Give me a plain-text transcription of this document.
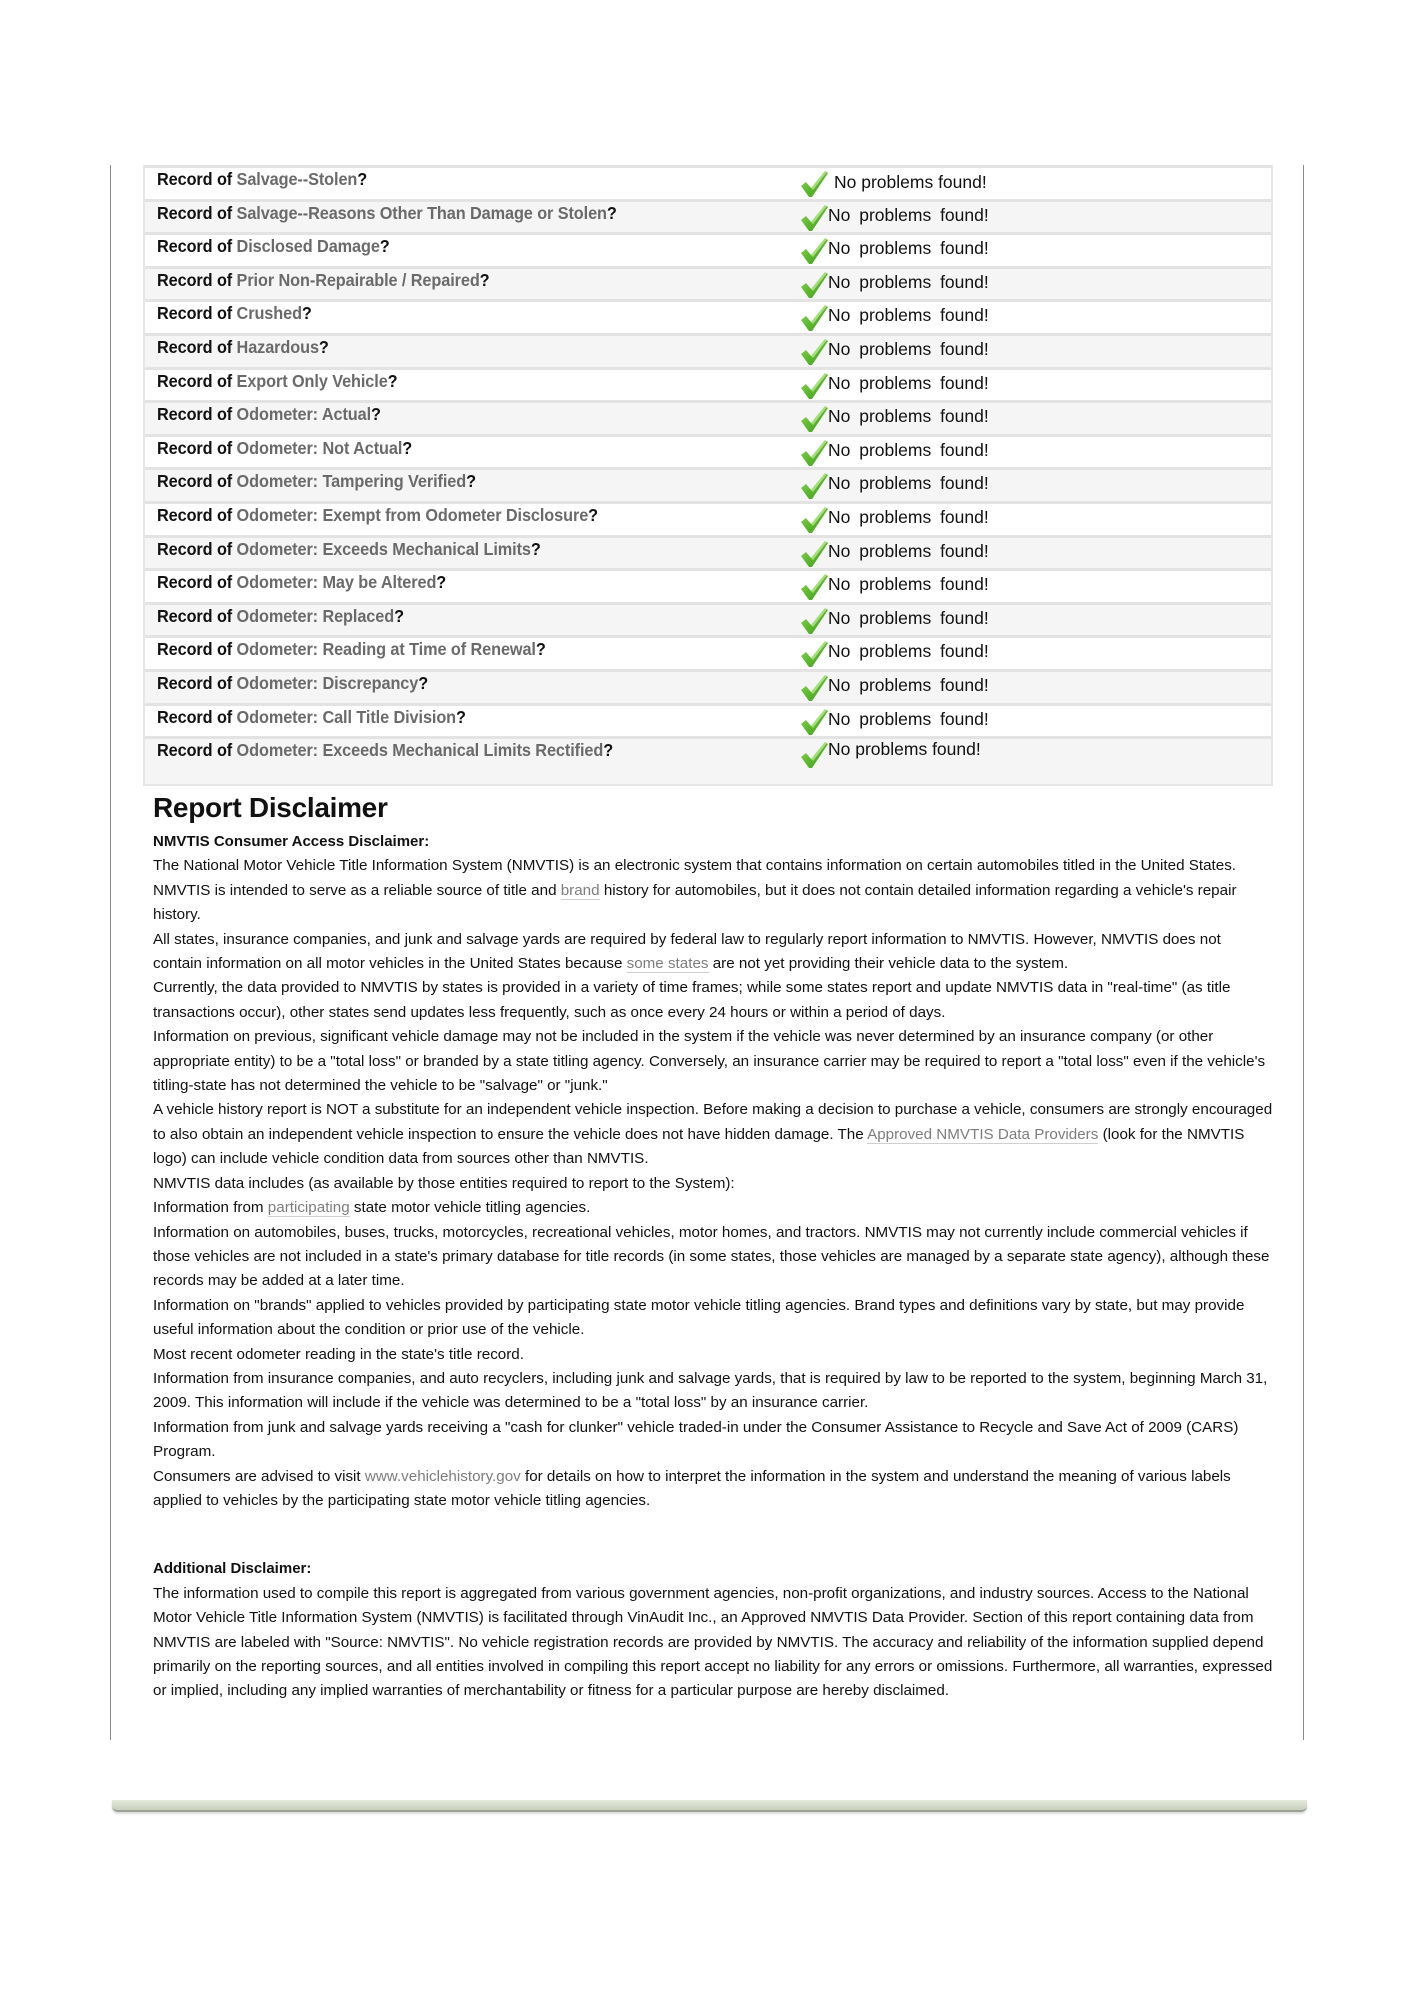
Record of Salvage--Stolen?	No problems found!
Record of Salvage--Reasons Other Than Damage or Stolen?	No problems found!
Record of Disclosed Damage?	No problems found!
Record of Prior Non-Repairable / Repaired?	No problems found!
Record of Crushed?	No problems found!
Record of Hazardous?	No problems found!
Record of Export Only Vehicle?	No problems found!
Record of Odometer: Actual?	No problems found!
Record of Odometer: Not Actual?	No problems found!
Record of Odometer: Tampering Verified?	No problems found!
Record of Odometer: Exempt from Odometer Disclosure?	No problems found!
Record of Odometer: Exceeds Mechanical Limits?	No problems found!
Record of Odometer: May be Altered?	No problems found!
Record of Odometer: Replaced?	No problems found!
Record of Odometer: Reading at Time of Renewal?	No problems found!
Record of Odometer: Discrepancy?	No problems found!
Record of Odometer: Call Title Division?	No problems found!
Record of Odometer: Exceeds Mechanical Limits Rectified?	No problems found!
Report Disclaimer
NMVTIS Consumer Access Disclaimer:

The National Motor Vehicle Title Information System (NMVTIS) is an electronic system that contains information on certain automobiles titled in the United States. NMVTIS is intended to serve as a reliable source of title and brand history for automobiles, but it does not contain detailed information regarding a vehicle's repair history.

All states, insurance companies, and junk and salvage yards are required by federal law to regularly report information to NMVTIS. However, NMVTIS does not contain information on all motor vehicles in the United States because some states are not yet providing their vehicle data to the system.

Currently, the data provided to NMVTIS by states is provided in a variety of time frames; while some states report and update NMVTIS data in "real-time" (as title transactions occur), other states send updates less frequently, such as once every 24 hours or within a period of days.

Information on previous, significant vehicle damage may not be included in the system if the vehicle was never determined by an insurance company (or other appropriate entity) to be a "total loss" or branded by a state titling agency. Conversely, an insurance carrier may be required to report a "total loss" even if the vehicle's titling-state has not determined the vehicle to be "salvage" or "junk."

A vehicle history report is NOT a substitute for an independent vehicle inspection. Before making a decision to purchase a vehicle, consumers are strongly encouraged to also obtain an independent vehicle inspection to ensure the vehicle does not have hidden damage. The Approved NMVTIS Data Providers (look for the NMVTIS logo) can include vehicle condition data from sources other than NMVTIS.

NMVTIS data includes (as available by those entities required to report to the System):

Information from participating state motor vehicle titling agencies.

Information on automobiles, buses, trucks, motorcycles, recreational vehicles, motor homes, and tractors. NMVTIS may not currently include commercial vehicles if those vehicles are not included in a state's primary database for title records (in some states, those vehicles are managed by a separate state agency), although these records may be added at a later time.

Information on "brands" applied to vehicles provided by participating state motor vehicle titling agencies. Brand types and definitions vary by state, but may provide useful information about the condition or prior use of the vehicle.

Most recent odometer reading in the state's title record.

Information from insurance companies, and auto recyclers, including junk and salvage yards, that is required by law to be reported to the system, beginning March 31, 2009. This information will include if the vehicle was determined to be a "total loss" by an insurance carrier.

Information from junk and salvage yards receiving a "cash for clunker" vehicle traded-in under the Consumer Assistance to Recycle and Save Act of 2009 (CARS) Program.

Consumers are advised to visit www.vehiclehistory.gov for details on how to interpret the information in the system and understand the meaning of various labels applied to vehicles by the participating state motor vehicle titling agencies.

Additional Disclaimer:

The information used to compile this report is aggregated from various government agencies, non-profit organizations, and industry sources. Access to the National Motor Vehicle Title Information System (NMVTIS) is facilitated through VinAudit Inc., an Approved NMVTIS Data Provider. Section of this report containing data from NMVTIS are labeled with "Source: NMVTIS". No vehicle registration records are provided by NMVTIS. The accuracy and reliability of the information supplied depend primarily on the reporting sources, and all entities involved in compiling this report accept no liability for any errors or omissions. Furthermore, all warranties, expressed or implied, including any implied warranties of merchantability or fitness for a particular purpose are hereby disclaimed.
